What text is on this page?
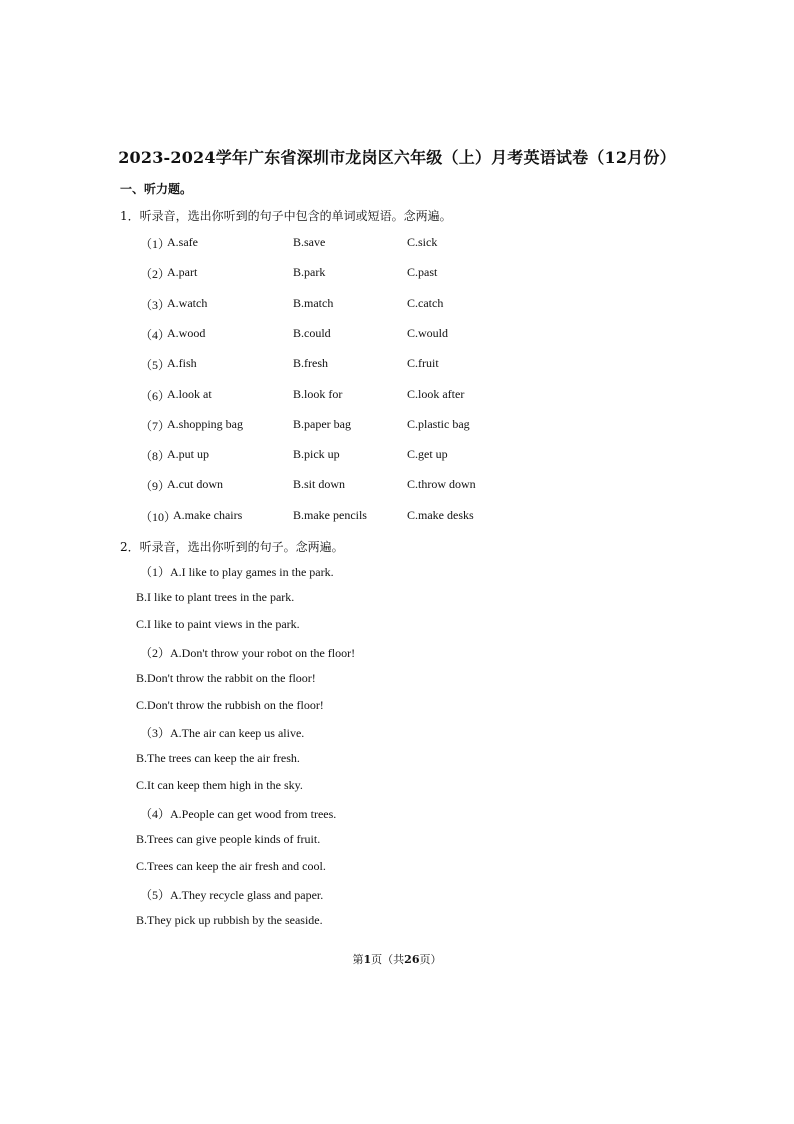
2023-2024学年广东省深圳市龙岗区六年级（上）月考英语试卷（12月份）
一、听力题。
1．听录音，选出你听到的句子中包含的单词或短语。念两遍。
（1）
A.safe	B.save	C.sick
（2）
A.part	B.park	C.past
（3）
A.watch	B.match	C.catch
（4）
A.wood	B.could	C.would
（5）
A.fish	B.fresh	C.fruit
（6）
A.look at	B.look for	C.look after
（7）
A.shopping bag	B.paper bag	C.plastic bag
（8）
A.put up	B.pick up	C.get up
（9）
A.cut down	B.sit down	C.throw down
（10）
A.make chairs	B.make pencils	C.make desks
2．听录音，选出你听到的句子。念两遍。
（1）A.I like to play games in the park.
B.I like to plant trees in the park.
C.I like to paint views in the park.
（2）A.Don't throw your robot on the floor!
B.Don't throw the rabbit on the floor!
C.Don't throw the rubbish on the floor!
（3）A.The air can keep us alive.
B.The trees can keep the air fresh.
C.It can keep them high in the sky.
（4）A.People can get wood from trees.
B.Trees can give people kinds of fruit.
C.Trees can keep the air fresh and cool.
（5）A.They recycle glass and paper.
B.They pick up rubbish by the seaside.
第1页（共26页）
